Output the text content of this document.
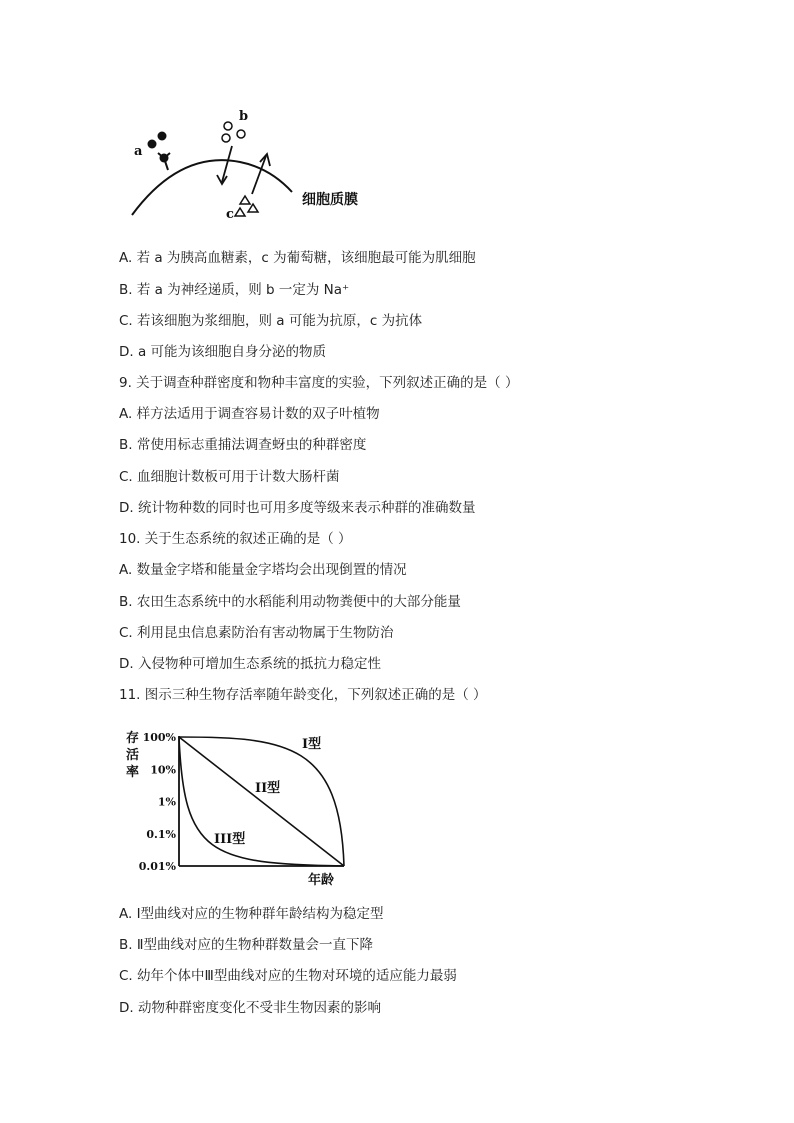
a
b
c
细胞质膜
A. 若 a 为胰高血糖素，c 为葡萄糖，该细胞最可能为肌细胞
B. 若 a 为神经递质，则 b 一定为 Na⁺
C. 若该细胞为浆细胞，则 a 可能为抗原，c 为抗体
D. a 可能为该细胞自身分泌的物质
9. 关于调查种群密度和物种丰富度的实验，下列叙述正确的是（ ）
A. 样方法适用于调查容易计数的双子叶植物
B. 常使用标志重捕法调查蚜虫的种群密度
C. 血细胞计数板可用于计数大肠杆菌
D. 统计物种数的同时也可用多度等级来表示种群的准确数量
10. 关于生态系统的叙述正确的是（ ）
A. 数量金字塔和能量金字塔均会出现倒置的情况
B. 农田生态系统中的水稻能利用动物粪便中的大部分能量
C. 利用昆虫信息素防治有害动物属于生物防治
D. 入侵物种可增加生态系统的抵抗力稳定性
11. 图示三种生物存活率随年龄变化，下列叙述正确的是（ ）
存
活
率
100%
10%
1%
0.1%
0.01%
I型
II型
III型
年龄
A. Ⅰ型曲线对应的生物种群年龄结构为稳定型
B. Ⅱ型曲线对应的生物种群数量会一直下降
C. 幼年个体中Ⅲ型曲线对应的生物对环境的适应能力最弱
D. 动物种群密度变化不受非生物因素的影响
